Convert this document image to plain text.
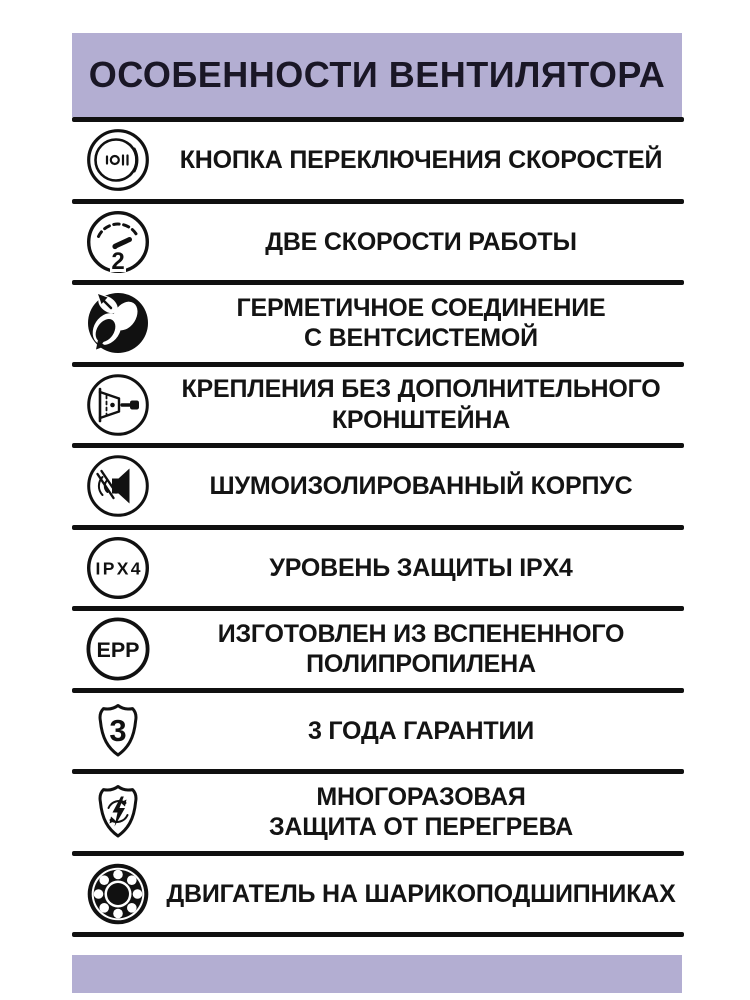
ОСОБЕННОСТИ ВЕНТИЛЯТОРА
КНОПКА ПЕРЕКЛЮЧЕНИЯ СКОРОСТЕЙ
2
ДВЕ СКОРОСТИ РАБОТЫ
ГЕРМЕТИЧНОЕ СОЕДИНЕНИЕ
С ВЕНТСИСТЕМОЙ
КРЕПЛЕНИЯ БЕЗ ДОПОЛНИТЕЛЬНОГО
КРОНШТЕЙНА
ШУМОИЗОЛИРОВАННЫЙ КОРПУС
IPX4	УРОВЕНЬ ЗАЩИТЫ IPX4
EPP
ИЗГОТОВЛЕН ИЗ ВСПЕНЕННОГО
ПОЛИПРОПИЛЕНА
3	3 ГОДА ГАРАНТИИ
МНОГОРАЗОВАЯ
ЗАЩИТА ОТ ПЕРЕГРЕВА
ДВИГАТЕЛЬ НА ШАРИКОПОДШИПНИКАХ
